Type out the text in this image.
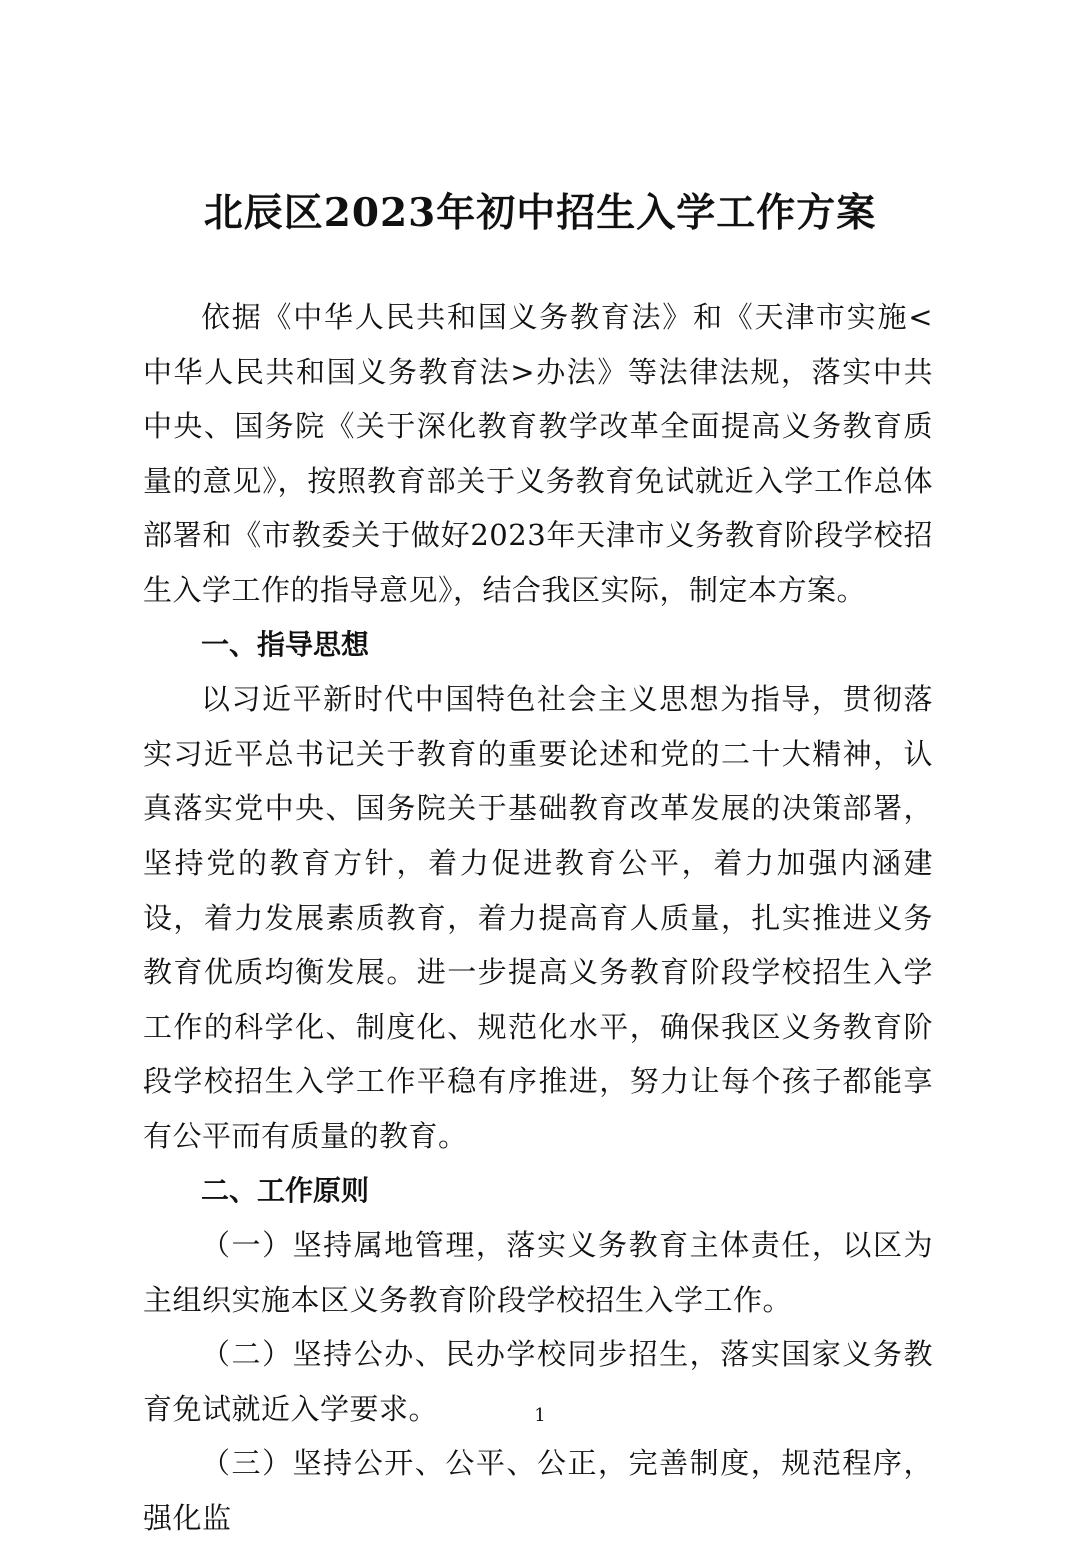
北辰区2023年初中招生入学工作方案

依据《中华人民共和国义务教育法》和《天津市实施<中华人民共和国义务教育法>办法》等法律法规，落实中共中央、国务院《关于深化教育教学改革全面提高义务教育质量的意见》，按照教育部关于义务教育免试就近入学工作总体部署和《市教委关于做好2023年天津市义务教育阶段学校招生入学工作的指导意见》，结合我区实际，制定本方案。

一、指导思想

以习近平新时代中国特色社会主义思想为指导，贯彻落实习近平总书记关于教育的重要论述和党的二十大精神，认真落实党中央、国务院关于基础教育改革发展的决策部署，坚持党的教育方针，着力促进教育公平，着力加强内涵建设，着力发展素质教育，着力提高育人质量，扎实推进义务教育优质均衡发展。进一步提高义务教育阶段学校招生入学工作的科学化、制度化、规范化水平，确保我区义务教育阶段学校招生入学工作平稳有序推进，努力让每个孩子都能享有公平而有质量的教育。

二、工作原则

（一）坚持属地管理，落实义务教育主体责任，以区为主组织实施本区义务教育阶段学校招生入学工作。

（二）坚持公办、民办学校同步招生，落实国家义务教育免试就近入学要求。

（三）坚持公开、公平、公正，完善制度，规范程序，强化监

1
